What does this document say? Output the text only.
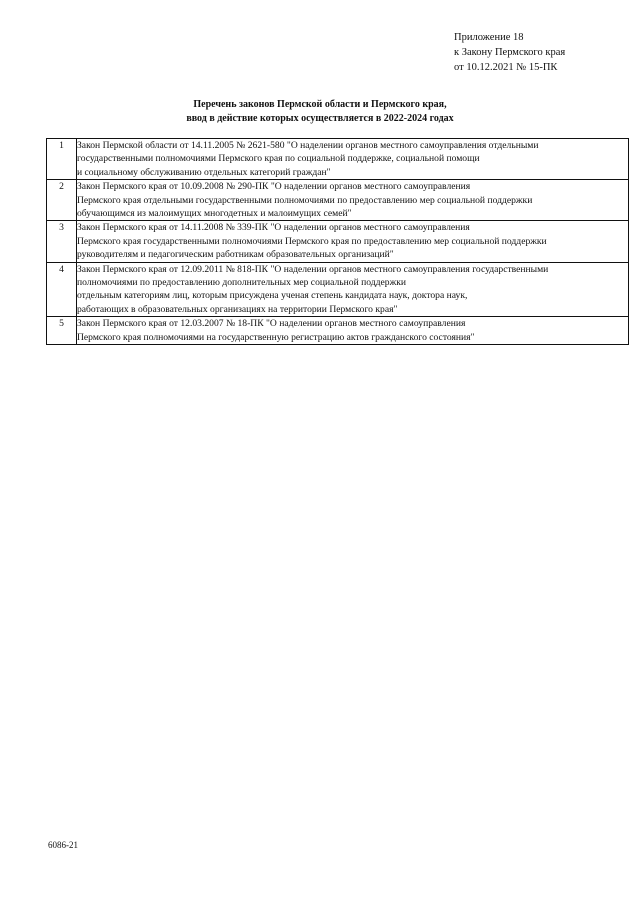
Приложение 18
к Закону Пермского края
от 10.12.2021 № 15-ПК
Перечень законов Пермской области и Пермского края,
ввод в действие которых осуществляется в 2022-2024 годах
1	Закон Пермской области от 14.11.2005 № 2621-580 "О наделении органов местного самоуправления отдельными
государственными полномочиями Пермского края по социальной поддержке, социальной помощи
и социальному обслуживанию отдельных категорий граждан"

2	Закон Пермского края от 10.09.2008 № 290-ПК "О наделении органов местного самоуправления
Пермского края отдельными государственными полномочиями по предоставлению мер социальной поддержки
обучающимся из малоимущих многодетных и малоимущих семей"

3	Закон Пермского края от 14.11.2008 № 339-ПК "О наделении органов местного самоуправления
Пермского края государственными полномочиями Пермского края по предоставлению мер социальной поддержки
руководителям и педагогическим работникам образовательных организаций"

4	Закон Пермского края от 12.09.2011 № 818-ПК "О наделении органов местного самоуправления государственными
полномочиями по предоставлению дополнительных мер социальной поддержки
отдельным категориям лиц, которым присуждена ученая степень кандидата наук, доктора наук,
работающих в образовательных организациях на территории Пермского края"

5	Закон Пермского края от 12.03.2007 № 18-ПК "О наделении органов местного самоуправления
Пермского края полномочиями на государственную регистрацию актов гражданского состояния"
6086-21
